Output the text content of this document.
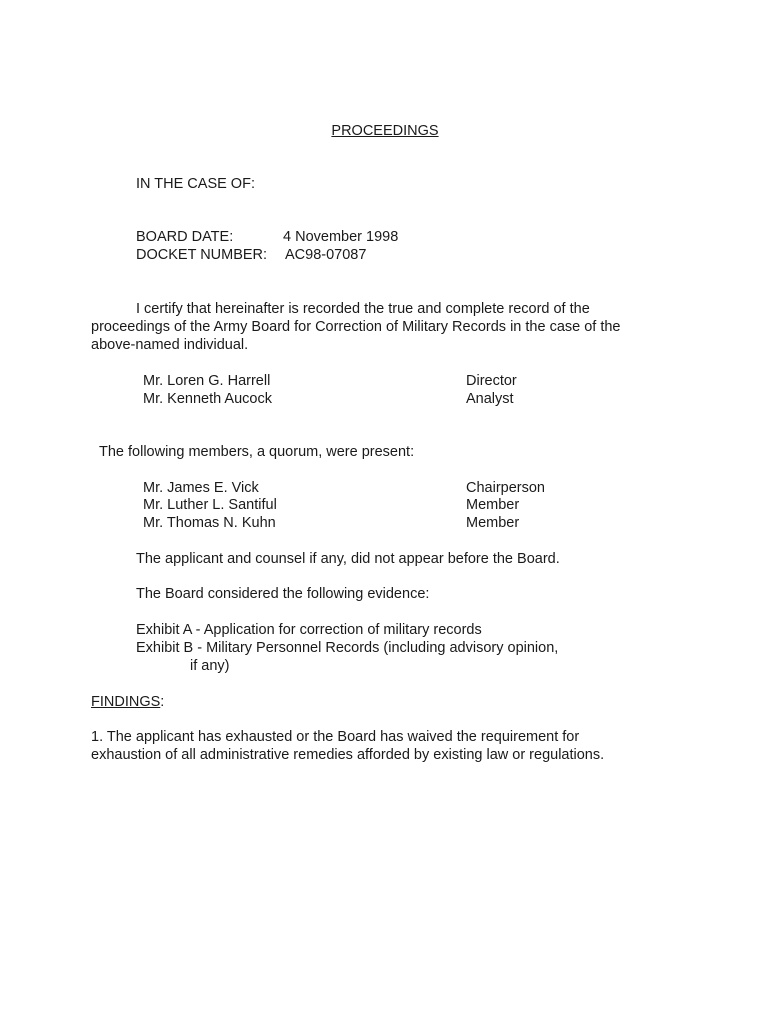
PROCEEDINGS
IN THE CASE OF:
BOARD DATE:	4 November 1998
DOCKET NUMBER: AC98-07087
I certify that hereinafter is recorded the true and complete record of the proceedings of the Army Board for Correction of Military Records in the case of the above-named individual.
Mr. Loren G. Harrell	Director
Mr. Kenneth Aucock	Analyst
The following members, a quorum, were present:
Mr. James E. Vick	Chairperson
Mr. Luther L. Santiful	Member
Mr. Thomas N. Kuhn	Member
The applicant and counsel if any, did not appear before the Board.
The Board considered the following evidence:
Exhibit A - Application for correction of military records
Exhibit B - Military Personnel Records (including advisory opinion,
if any)
FINDINGS:
1. The applicant has exhausted or the Board has waived the requirement for exhaustion of all administrative remedies afforded by existing law or regulations.
